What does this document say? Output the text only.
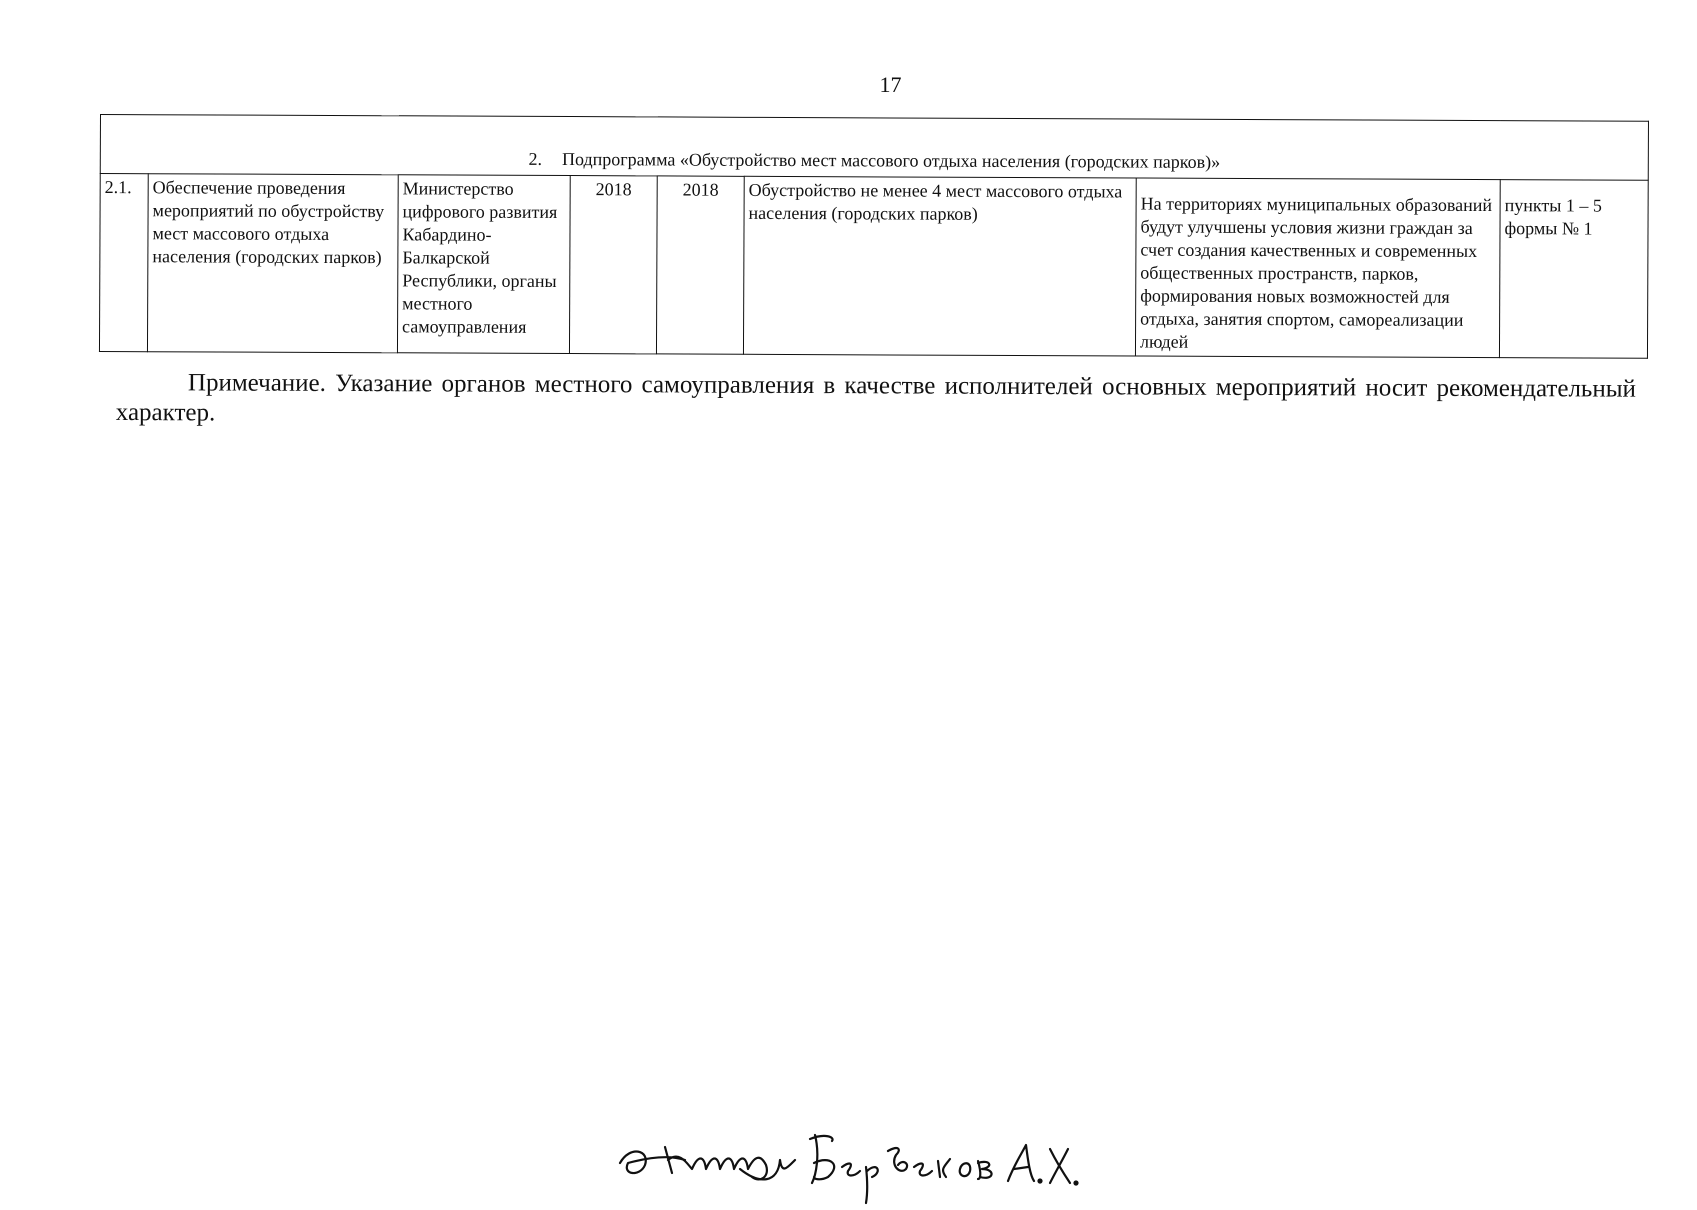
17
2. Подпрограмма «Обустройство мест массового отдыха населения (городских парков)»
2.1.	Обеспечение проведения мероприятий по обустройству мест массового отдыха населения (городских парков)	Министерство цифрового развития Кабардино-Балкарской Республики, органы местного самоуправления	2018	2018	Обустройство не менее 4 мест массового отдыха населения (городских парков)	На территориях муниципальных образований будут улучшены условия жизни граждан за счет создания качественных и современных общественных пространств, парков, формирования новых возможностей для отдыха, занятия спортом, самореализации людей	пункты 1 – 5 формы № 1
Примечание. Указание органов местного самоуправления в качестве исполнителей основных мероприятий носит рекомендательный характер.
